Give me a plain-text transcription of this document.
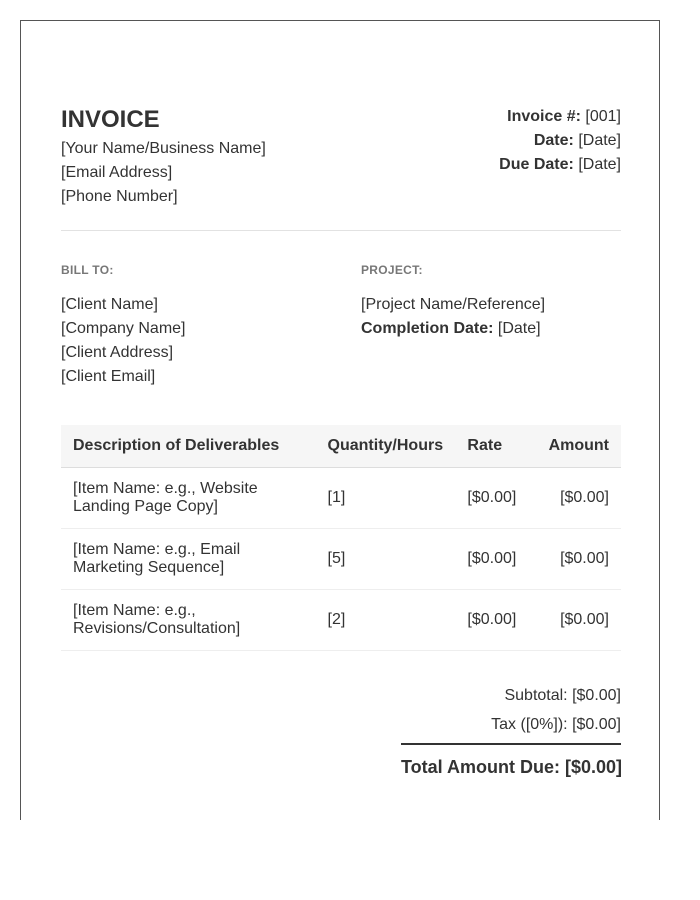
INVOICE
[Your Name/Business Name]
[Email Address]
[Phone Number]
Invoice #: [001]
Date: [Date]
Due Date: [Date]
BILL TO:
[Client Name]
[Company Name]
[Client Address]
[Client Email]
PROJECT:
[Project Name/Reference]
Completion Date: [Date]
Description of Deliverables	Quantity/Hours	Rate	Amount
[Item Name: e.g., Website Landing Page Copy]	[1]	[$0.00]	[$0.00]
[Item Name: e.g., Email Marketing Sequence]	[5]	[$0.00]	[$0.00]
[Item Name: e.g., Revisions/Consultation]	[2]	[$0.00]	[$0.00]
Subtotal: [$0.00]
Tax ([0%]): [$0.00]
Total Amount Due: [$0.00]
